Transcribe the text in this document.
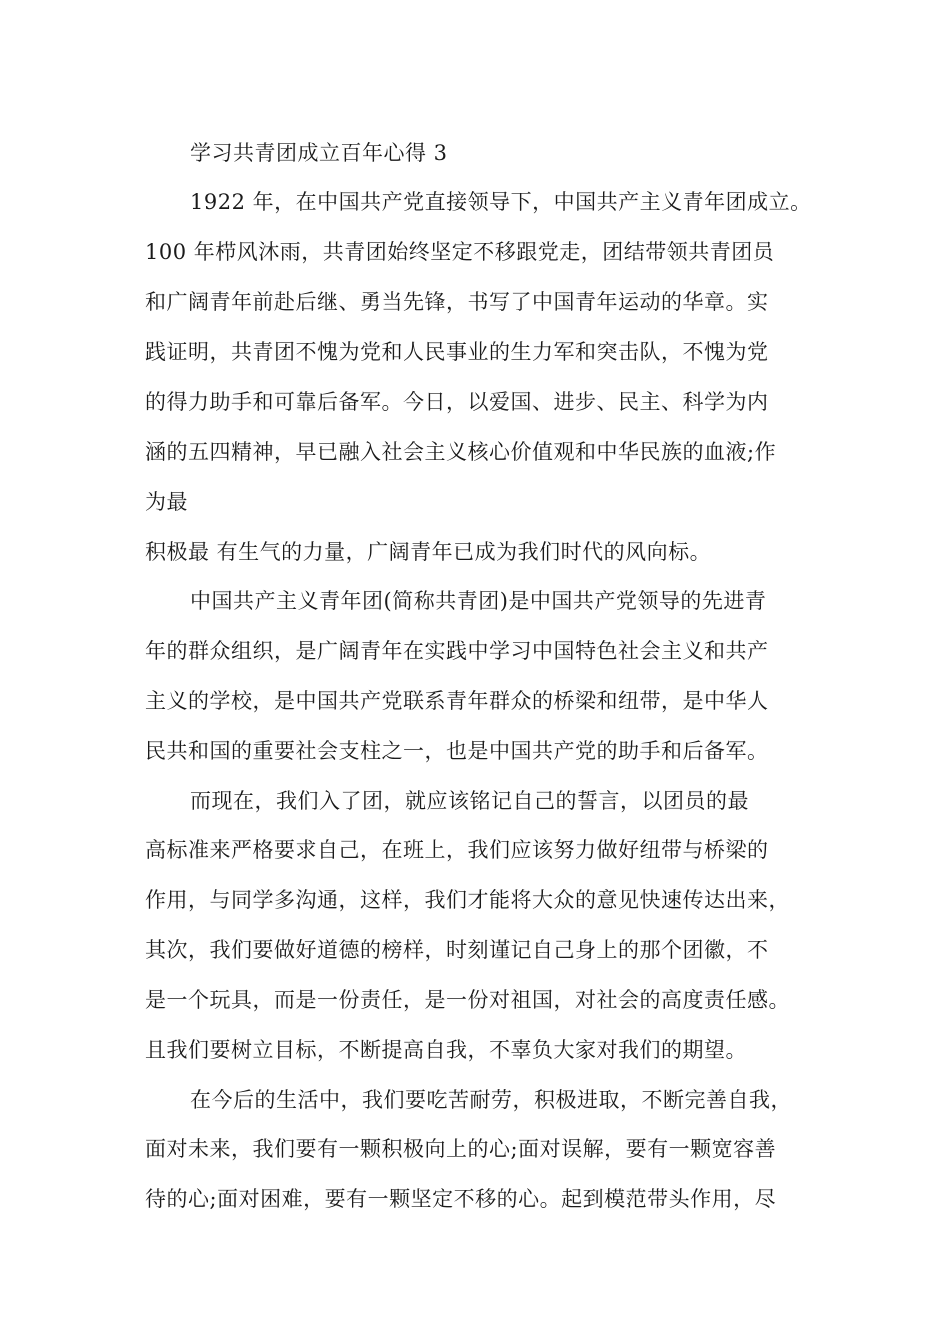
学习共青团成立百年心得 3
1922 年，在中国共产党直接领导下，中国共产主义青年团成立。
100 年栉风沐雨，共青团始终坚定不移跟党走，团结带领共青团员
和广阔青年前赴后继、勇当先锋，书写了中国青年运动的华章。实
践证明，共青团不愧为党和人民事业的生力军和突击队，不愧为党
的得力助手和可靠后备军。今日，以爱国、进步、民主、科学为内
涵的五四精神，早已融入社会主义核心价值观和中华民族的血液;作
为最
积极最 有生气的力量，广阔青年已成为我们时代的风向标。
中国共产主义青年团(简称共青团)是中国共产党领导的先进青
年的群众组织，是广阔青年在实践中学习中国特色社会主义和共产
主义的学校，是中国共产党联系青年群众的桥梁和纽带，是中华人
民共和国的重要社会支柱之一，也是中国共产党的助手和后备军。
而现在，我们入了团，就应该铭记自己的誓言，以团员的最
高标准来严格要求自己，在班上，我们应该努力做好纽带与桥梁的
作用，与同学多沟通，这样，我们才能将大众的意见快速传达出来，
其次，我们要做好道德的榜样，时刻谨记自己身上的那个团徽，不
是一个玩具，而是一份责任，是一份对祖国，对社会的高度责任感。
且我们要树立目标，不断提高自我，不辜负大家对我们的期望。
在今后的生活中，我们要吃苦耐劳，积极进取，不断完善自我，
面对未来，我们要有一颗积极向上的心;面对误解，要有一颗宽容善
待的心;面对困难，要有一颗坚定不移的心。起到模范带头作用，尽
